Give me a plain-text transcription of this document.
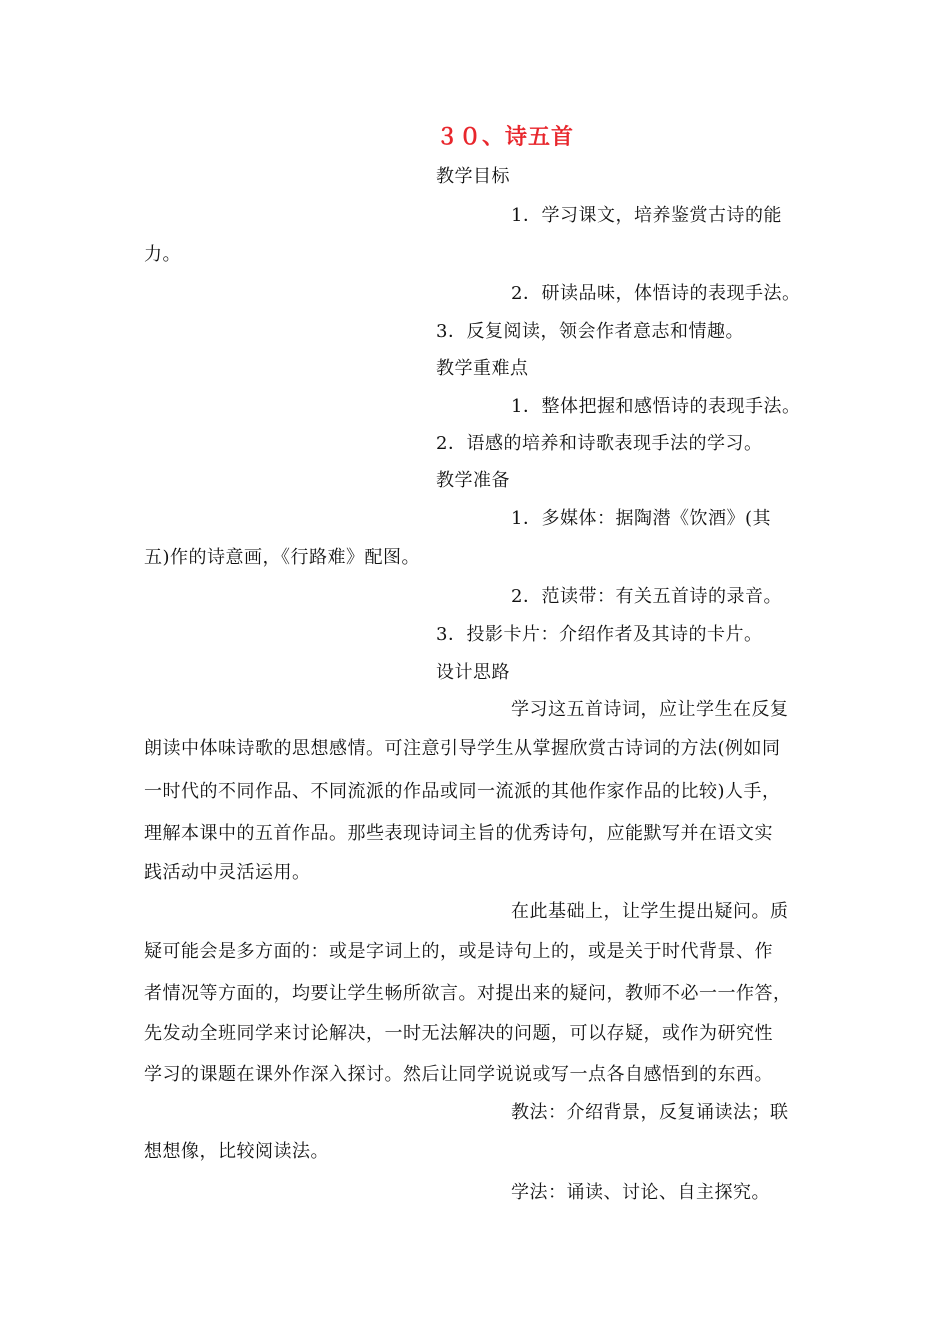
３０、诗五首
教学目标
1．学习课文，培养鉴赏古诗的能
力。
2．研读品味，体悟诗的表现手法。
3．反复阅读，领会作者意志和情趣。
教学重难点
1．整体把握和感悟诗的表现手法。
2．语感的培养和诗歌表现手法的学习。
教学准备
1．多媒体：据陶潜《饮酒》(其
五)作的诗意画，《行路难》配图。
2．范读带：有关五首诗的录音。
3．投影卡片：介绍作者及其诗的卡片。
设计思路
学习这五首诗词，应让学生在反复
朗读中体味诗歌的思想感情。可注意引导学生从掌握欣赏古诗词的方法(例如同
一时代的不同作品、不同流派的作品或同一流派的其他作家作品的比较)人手，
理解本课中的五首作品。那些表现诗词主旨的优秀诗句，应能默写并在语文实
践活动中灵活运用。
在此基础上，让学生提出疑问。质
疑可能会是多方面的：或是字词上的，或是诗句上的，或是关于时代背景、作
者情况等方面的，均要让学生畅所欲言。对提出来的疑问，教师不必一一作答，
先发动全班同学来讨论解决，一时无法解决的问题，可以存疑，或作为研究性
学习的课题在课外作深入探讨。然后让同学说说或写一点各自感悟到的东西。
教法：介绍背景，反复诵读法；联
想想像，比较阅读法。
学法：诵读、讨论、自主探究。
